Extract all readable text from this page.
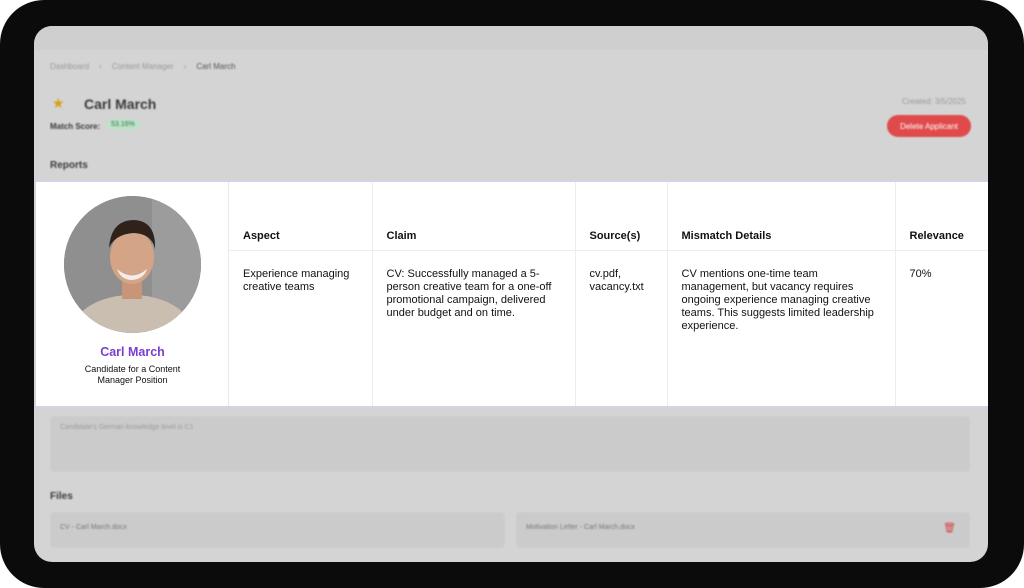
Dashboard › Content Manager › Carl March
★ Carl March
Match Score:	53.16%
Created: 3/5/2025
Delete Applicant
Reports
Candidate's German knowledge level is C1
Files
CV - Carl March.docx	Motivation Letter - Carl March.docx	🗑
Carl March
Candidate for a Content Manager Position
Aspect	Claim	Source(s)	Mismatch Details	Relevance
Experience managing creative teams	CV: Successfully managed a 5-person creative team for a one-off promotional campaign, delivered under budget and on time.	cv.pdf, vacancy.txt	CV mentions one-time team management, but vacancy requires ongoing experience managing creative teams. This suggests limited leadership experience.	70%
